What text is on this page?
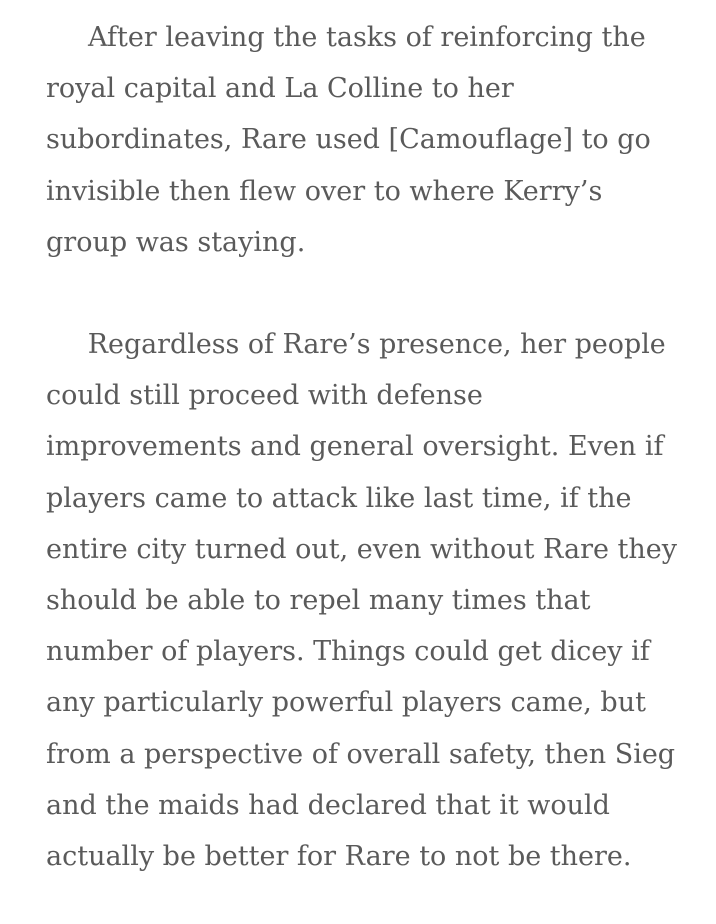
After leaving the tasks of reinforcing the
royal capital and La Colline to her
subordinates, Rare used [Camouflage] to go
invisible then flew over to where Kerry’s
group was staying.

Regardless of Rare’s presence, her people
could still proceed with defense
improvements and general oversight. Even if
players came to attack like last time, if the
entire city turned out, even without Rare they
should be able to repel many times that
number of players. Things could get dicey if
any particularly powerful players came, but
from a perspective of overall safety, then Sieg
and the maids had declared that it would
actually be better for Rare to not be there.
